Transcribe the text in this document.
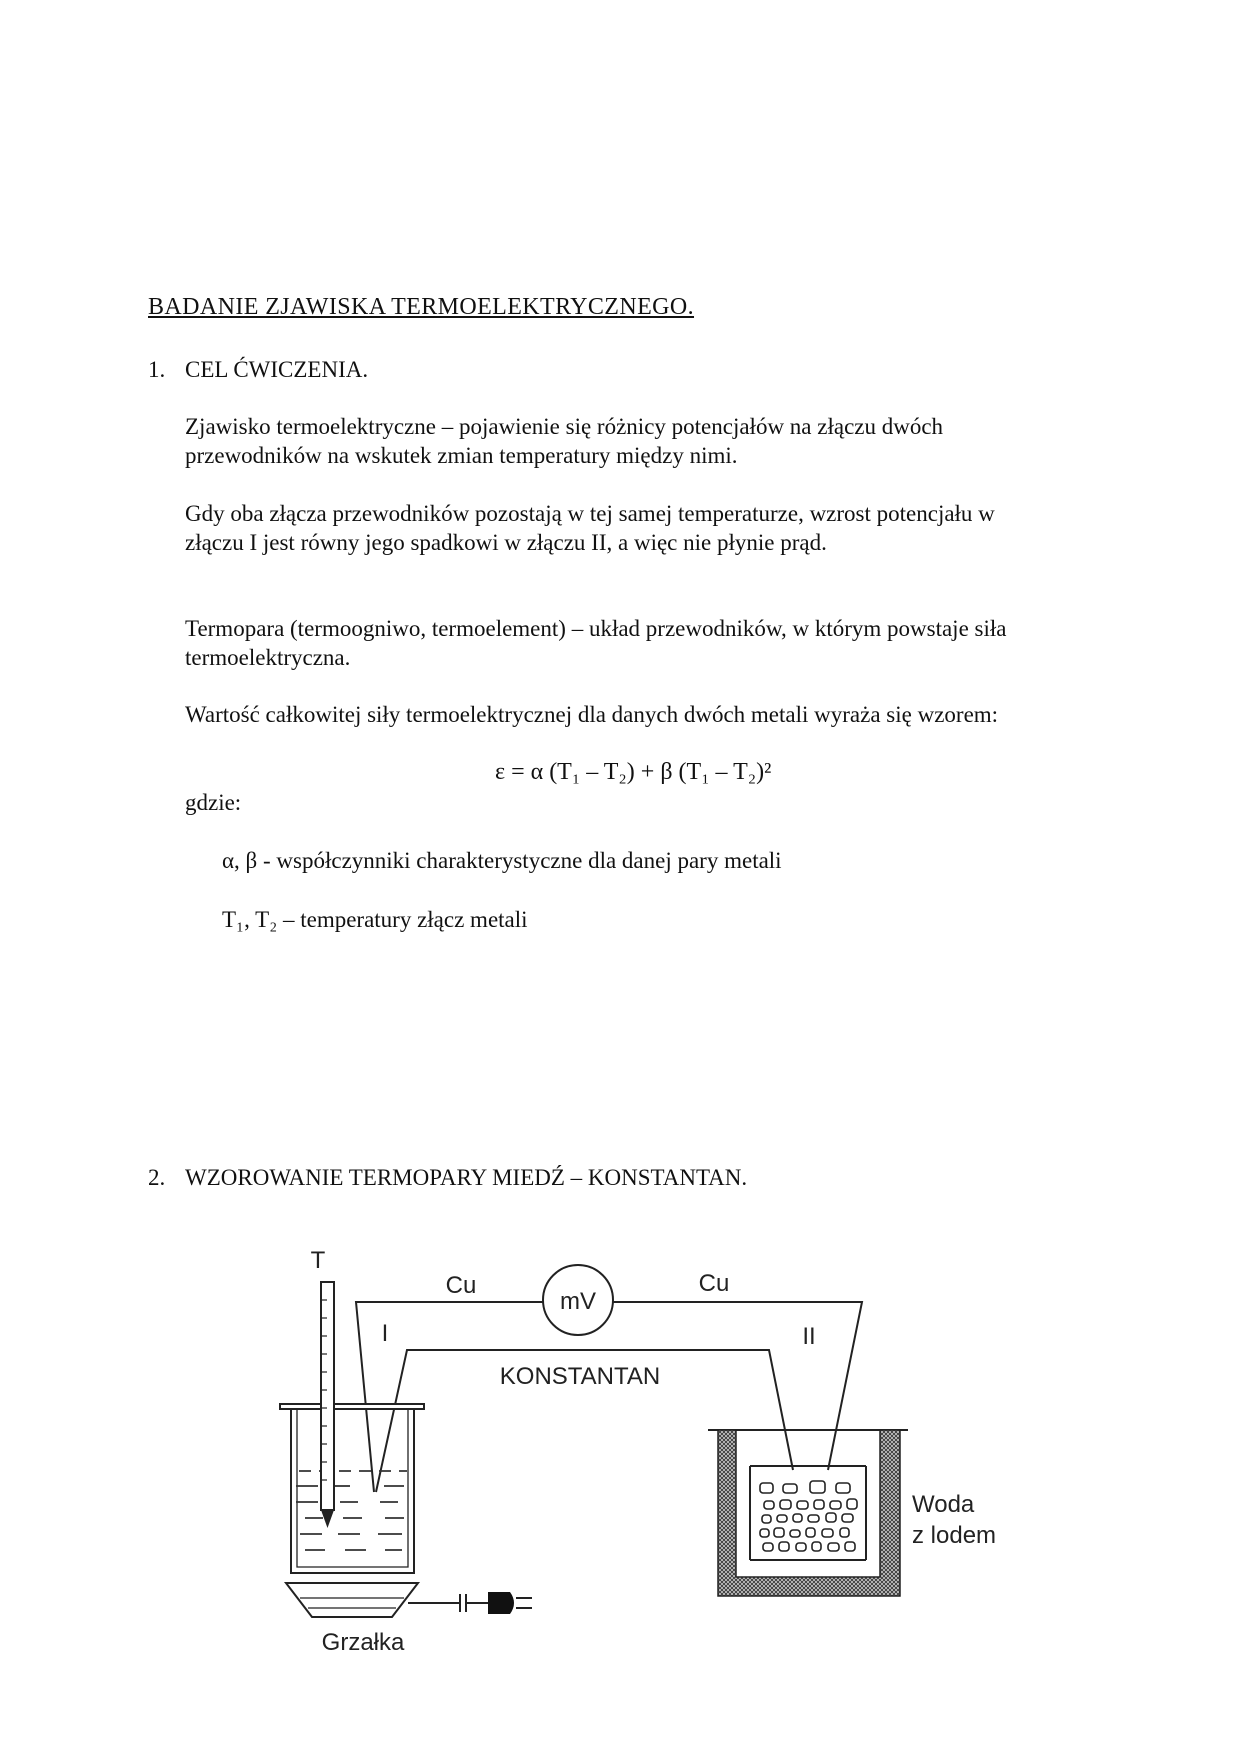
BADANIE ZJAWISKA TERMOELEKTRYCZNEGO.

1. CEL ĆWICZENIA.

Zjawisko termoelektryczne – pojawienie się różnicy potencjałów na złączu dwóch

przewodników na wskutek zmian temperatury między nimi.

Gdy oba złącza przewodników pozostają w tej samej temperaturze, wzrost potencjału w

złączu I jest równy jego spadkowi w złączu II, a więc nie płynie prąd.

Termopara (termoogniwo, termoelement) – układ przewodników, w którym powstaje siła

termoelektryczna.

Wartość całkowitej siły termoelektrycznej dla danych dwóch metali wyraża się wzorem:

ε = α (T₁ – T₂) + β (T₁ – T₂)²

gdzie:

α, β - współczynniki charakterystyczne dla danej pary metali

T₁, T₂ – temperatury złącz metali

2. WZOROWANIE TERMOPARY MIEDŹ – KONSTANTAN.

T
Cu	Cu
I	II
KONSTANTAN
Woda
z lodem
Grzałka
mV
